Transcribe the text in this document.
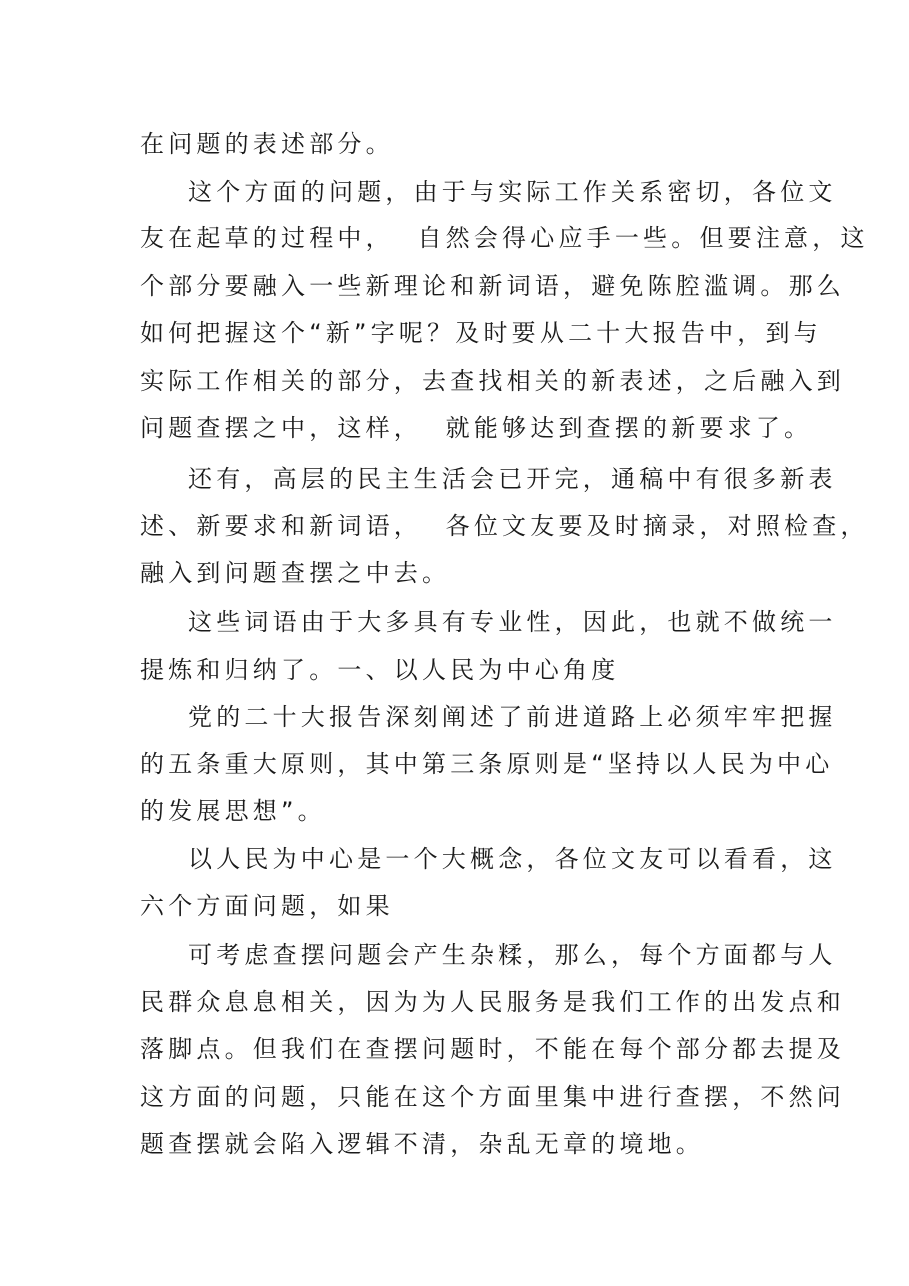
在问题的表述部分。
这个方面的问题，由于与实际工作关系密切，各位文
友在起草的过程中，  自然会得心应手一些。但要注意，这
个部分要融入一些新理论和新词语，避免陈腔滥调。那么
如何把握这个“新”字呢？及时要从二十大报告中，到与
实际工作相关的部分，去查找相关的新表述，之后融入到
问题查摆之中，这样，  就能够达到查摆的新要求了。
还有，高层的民主生活会已开完，通稿中有很多新表
述、新要求和新词语，  各位文友要及时摘录，对照检查，
融入到问题查摆之中去。
这些词语由于大多具有专业性，因此，也就不做统一
提炼和归纳了。一、以人民为中心角度
党的二十大报告深刻阐述了前进道路上必须牢牢把握
的五条重大原则，其中第三条原则是“坚持以人民为中心
的发展思想”。
以人民为中心是一个大概念，各位文友可以看看，这
六个方面问题，如果
可考虑查摆问题会产生杂糅，那么，每个方面都与人
民群众息息相关，因为为人民服务是我们工作的出发点和
落脚点。但我们在查摆问题时，不能在每个部分都去提及
这方面的问题，只能在这个方面里集中进行查摆，不然问
题查摆就会陷入逻辑不清，杂乱无章的境地。
